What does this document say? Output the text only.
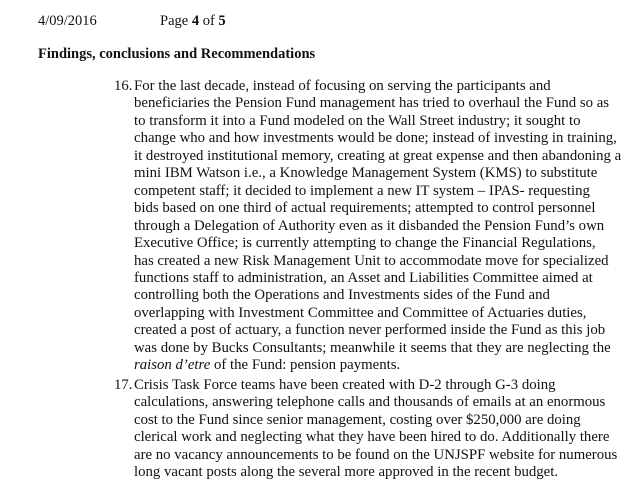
4/09/2016	Page 4 of 5
Findings, conclusions and Recommendations
16. For the last decade, instead of focusing on serving the participants and
beneficiaries the Pension Fund management has tried to overhaul the Fund so as
to transform it into a Fund modeled on the Wall Street industry; it sought to
change who and how investments would be done; instead of investing in training,
it destroyed institutional memory, creating at great expense and then abandoning a
mini IBM Watson i.e., a Knowledge Management System (KMS) to substitute
competent staff; it decided to implement a new IT system – IPAS- requesting
bids based on one third of actual requirements; attempted to control personnel
through a Delegation of Authority even as it disbanded the Pension Fund’s own
Executive Office; is currently attempting to change the Financial Regulations,
has created a new Risk Management Unit to accommodate move for specialized
functions staff to administration, an Asset and Liabilities Committee aimed at
controlling both the Operations and Investments sides of the Fund and
overlapping with Investment Committee and Committee of Actuaries duties,
created a post of actuary, a function never performed inside the Fund as this job
was done by Bucks Consultants; meanwhile it seems that they are neglecting the
raison d’etre of the Fund: pension payments.
17. Crisis Task Force teams have been created with D-2 through G-3 doing
calculations, answering telephone calls and thousands of emails at an enormous
cost to the Fund since senior management, costing over $250,000 are doing
clerical work and neglecting what they have been hired to do. Additionally there
are no vacancy announcements to be found on the UNJSPF website for numerous
long vacant posts along the several more approved in the recent budget.
